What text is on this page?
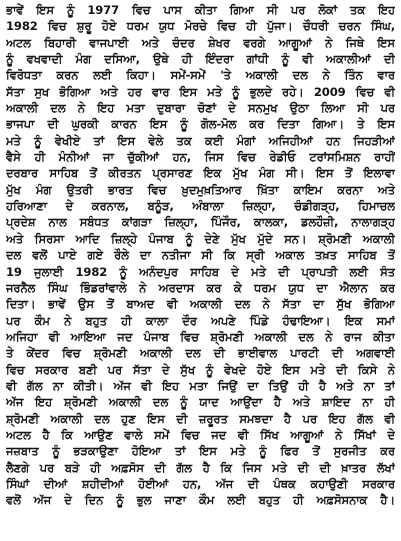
ਭਾਵੇਂ ਇਸ ਨੂੰ 1977 ਵਿਚ ਪਾਸ ਕੀਤਾ ਗਿਆ ਸੀ ਪਰ ਲੋਕਾਂ ਤਕ ਇਹ
1982 ਵਿਚ ਸ਼ੁਰੂ ਹੋਏ ਧਰਮ ਯੁਧ ਮੋਰਚੇ ਵਿਚ ਹੀ ਪੁੱਜਾ। ਚੌਧਰੀ ਚਰਨ ਸਿੰਘ,
ਅਟਲ ਬਿਹਾਰੀ ਵਾਜਪਾਈ ਅਤੇ ਚੰਦਰ ਸ਼ੇਖਰ ਵਰਗੇ ਆਗੂਆਂ ਨੇ ਜਿਥੇ ਇਸ
ਨੂੰ ਵਖਵਾਦੀ ਮੰਗ ਦਸਿਆ, ਉਥੇ ਹੀ ਇੰਦਰਾ ਗਾਂਧੀ ਨੂੰ ਵੀ ਅਕਾਲੀਆਂ ਦੀ
ਵਿਰੋਧਤਾ ਕਰਨ ਲਈ ਕਿਹਾ। ਸਮੇਂ-ਸਮੇਂ 'ਤੇ ਅਕਾਲੀ ਦਲ ਨੇ ਤਿੰਨ ਵਾਰ
ਸੱਤਾ ਸੁਖ ਭੋਗਿਆ ਅਤੇ ਹਰ ਵਾਰ ਇਸ ਮਤੇ ਨੂੰ ਭੁਲਦੇ ਰਹੇ। 2009 ਵਿਚ ਵੀ
ਅਕਾਲੀ ਦਲ ਨੇ ਇਹ ਮਤਾ ਦੁਬਾਰਾ ਚੋਣਾਂ ਦੇ ਸਨਮੁਖ ਉਠਾ ਲਿਆ ਸੀ ਪਰ
ਭਾਜਪਾ ਦੀ ਘੁਰਕੀ ਕਾਰਨ ਇਸ ਨੂੰ ਗੋਲ-ਮੋਲ ਕਰ ਦਿਤਾ ਗਿਆ। ਤੇ ਇਸ
ਮਤੇ ਨੂੰ ਵੇਖੀਏ ਤਾਂ ਇਸ ਵੇਲੇ ਤਕ ਕਈ ਮੰਗਾਂ ਅਜਿਹੀਆਂ ਹਨ ਜਿਹੜੀਆਂ
ਵੈਸੇ ਹੀ ਮੰਨੀਆਂ ਜਾ ਚੁੱਕੀਆਂ ਹਨ, ਜਿਸ ਵਿਚ ਰੇਡੀਓ ਟਰਾਂਸਮਿਸ਼ਨ ਰਾਹੀਂ
ਦਰਬਾਰ ਸਾਹਿਬ ਤੋਂ ਕੀਰਤਨ ਪ੍ਰਸਾਰਣ ਇਕ ਮੁੱਖ ਮੰਗ ਸੀ। ਇਸ ਤੋਂ ਇਲਾਵਾ
ਮੁੱਖ ਮੰਗ ਉਤਰੀ ਭਾਰਤ ਵਿਚ ਖ਼ੁਦਮੁਖ਼ਤਿਆਰ ਖ਼ਿੱਤਾ ਕਾਇਮ ਕਰਨਾ ਅਤੇ
ਹਰਿਆਣਾ ਦੇ ਕਰਨਾਲ, ਬਨੂੰੜ, ਅੰਬਾਲਾ ਜ਼ਿਲ੍ਹਾ, ਚੰਡੀਗੜ੍ਹ, ਹਿਮਾਚਲ
ਪ੍ਰਦੇਸ਼ ਨਾਲ ਸਬੰਧਤ ਕਾਂਗੜਾ ਜ਼ਿਲ੍ਹਾ, ਪਿੰਜੌਰ, ਕਾਲਕਾ, ਡਲਹੌਜ਼ੀ, ਨਾਲਾਗੜ੍ਹ
ਅਤੇ ਸਿਰਸਾ ਆਦਿ ਜ਼ਿਲ੍ਹੇ ਪੰਜਾਬ ਨੂੰ ਦੇਣੇ ਮੁੱਖ ਮੁੱਦੇ ਸਨ। ਸ਼੍ਰੋਮਣੀ ਅਕਾਲੀ
ਦਲ ਵਲੋਂ ਪਾਏ ਗਏ ਰੌਲੇ ਦਾ ਨਤੀਜਾ ਸੀ ਕਿ ਸ੍ਰੀ ਅਕਾਲ ਤਖ਼ਤ ਸਾਹਿਬ ਤੋਂ
19 ਜੁਲਾਈ 1982 ਨੂੰ ਅਨੰਦਪੁਰ ਸਾਹਿਬ ਦੇ ਮਤੇ ਦੀ ਪ੍ਰਾਪਤੀ ਲਈ ਸੰਤ
ਜਰਨੈਲ ਸਿੰਘ ਭਿੰਡਰਾਂਵਾਲੇ ਨੇ ਅਰਦਾਸ ਕਰ ਕੇ ਧਰਮ ਯੁਧ ਦਾ ਐਲਾਨ ਕਰ
ਦਿਤਾ। ਭਾਵੇਂ ਉਸ ਤੋਂ ਬਾਅਦ ਵੀ ਅਕਾਲੀ ਦਲ ਨੇ ਸੱਤਾ ਦਾ ਸੁੱਖ ਭੋਗਿਆ
ਪਰ ਕੌਮ ਨੇ ਬਹੁਤ ਹੀ ਕਾਲਾ ਦੌਰ ਅਪਣੇ ਪਿੰਡੇ ਹੰਢਾਇਆ। ਇਕ ਸਮਾਂ
ਅਜਿਹਾ ਵੀ ਆਇਆ ਜਦ ਪੰਜਾਬ ਵਿਚ ਸ਼੍ਰੋਮਣੀ ਅਕਾਲੀ ਦਲ ਨੇ ਰਾਜ ਕੀਤਾ
ਤੇ ਕੇਂਦਰ ਵਿਚ ਸ਼੍ਰੋਮਣੀ ਅਕਾਲੀ ਦਲ ਦੀ ਭਾਈਵਾਲ ਪਾਰਟੀ ਦੀ ਅਗਵਾਈ
ਵਿਚ ਸਰਕਾਰ ਬਣੀ ਪਰ ਸੱਤਾ ਦੇ ਸੁੱਖ ਨੂੰ ਵੇਖਦੇ ਹੋਏ ਇਸ ਮਤੇ ਦੀ ਕਿਸੇ ਨੇ
ਵੀ ਗੱਲ ਨਾ ਕੀਤੀ। ਅੱਜ ਵੀ ਇਹ ਮਤਾ ਜਿਉਂ ਦਾ ਤਿਉਂ ਹੀ ਹੈ ਅਤੇ ਨਾ ਤਾਂ
ਅੱਜ ਇਹ ਸ਼੍ਰੋਮਣੀ ਅਕਾਲੀ ਦਲ ਨੂੰ ਯਾਦ ਆਉਂਦਾ ਹੈ ਅਤੇ ਸ਼ਾਇਦ ਨਾ ਹੀ
ਸ਼੍ਰੋਮਣੀ ਅਕਾਲੀ ਦਲ ਹੁਣ ਇਸ ਦੀ ਜ਼ਰੂਰਤ ਸਮਝਦਾ ਹੈ ਪਰ ਇਹ ਗੱਲ ਵੀ
ਅਟਲ ਹੈ ਕਿ ਆਉਣ ਵਾਲੇ ਸਮੇਂ ਵਿਚ ਜਦ ਵੀ ਸਿੱਖ ਆਗੂਆਂ ਨੇ ਸਿੱਖਾਂ ਦੇ
ਜਜ਼ਬਾਤ ਨੂੰ ਭੜਕਾਉਣਾ ਹੋਇਆ ਤਾਂ ਇਸ ਮਤੇ ਨੂੰ ਫਿਰ ਤੋਂ ਸੁਰਜੀਤ ਕਰ
ਲੈਣਗੇ ਪਰ ਬੜੇ ਹੀ ਅਫ਼ਸੋਸ ਦੀ ਗੱਲ ਹੈ ਕਿ ਜਿਸ ਮਤੇ ਦੀ ਦੀ ਖ਼ਾਤਰ ਲੱਖਾਂ
ਸਿੰਘਾਂ ਦੀਆਂ ਸ਼ਹੀਦੀਆਂ ਹੋਈਆਂ ਹਨ, ਅੱਜ ਦੀ ਪੰਥਕ ਕਹਾਉਣੀ ਸਰਕਾਰ
ਵਲੋਂ ਅੱਜ ਦੇ ਦਿਨ ਨੂੰ ਭੁਲ ਜਾਣਾ ਕੌਮ ਲਈ ਬਹੁਤ ਹੀ ਅਫ਼ਸੋਸਨਾਕ ਹੈ।
